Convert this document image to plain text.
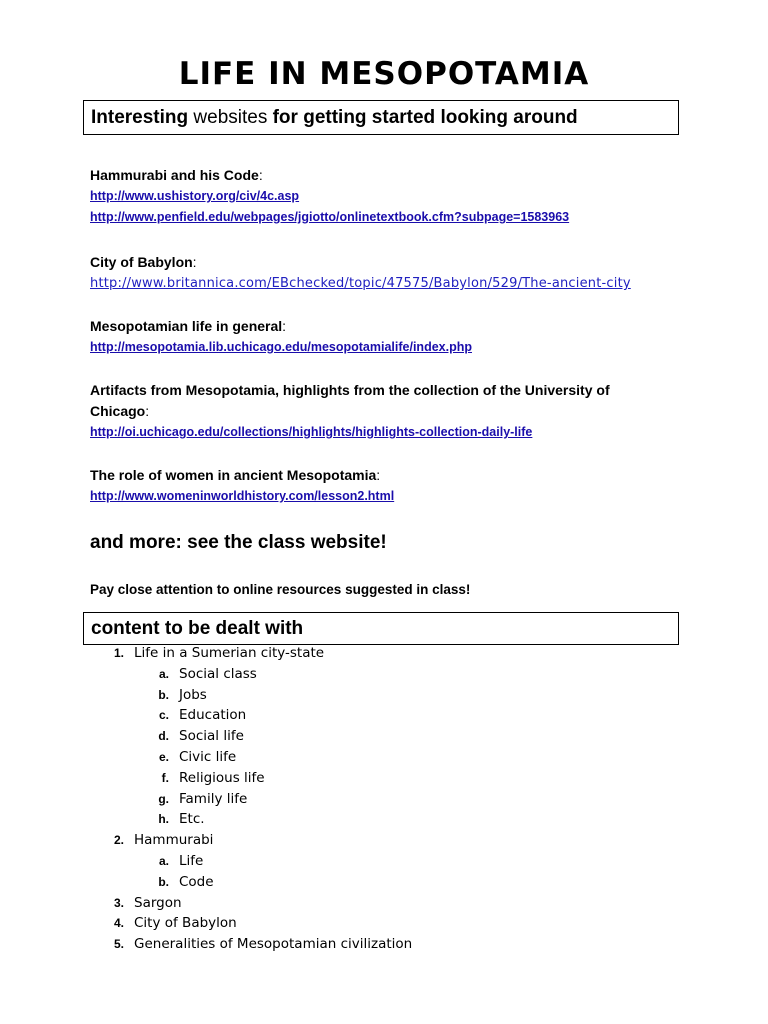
LIFE IN MESOPOTAMIA
Interesting websites for getting started looking around
Hammurabi and his Code:
http://www.ushistory.org/civ/4c.asp
http://www.penfield.edu/webpages/jgiotto/onlinetextbook.cfm?subpage=1583963
City of Babylon:
http://www.britannica.com/EBchecked/topic/47575/Babylon/529/The-ancient-city
Mesopotamian life in general:
http://mesopotamia.lib.uchicago.edu/mesopotamialife/index.php
Artifacts from Mesopotamia, highlights from the collection of the University of
Chicago:
http://oi.uchicago.edu/collections/highlights/highlights-collection-daily-life
The role of women in ancient Mesopotamia:
http://www.womeninworldhistory.com/lesson2.html
and more: see the class website!
Pay close attention to online resources suggested in class!
content to be dealt with
1. Life in a Sumerian city-state
a. Social class
b. Jobs
c. Education
d. Social life
e. Civic life
f. Religious life
g. Family life
h. Etc.
2. Hammurabi
a. Life
b. Code
3. Sargon
4. City of Babylon
5. Generalities of Mesopotamian civilization
